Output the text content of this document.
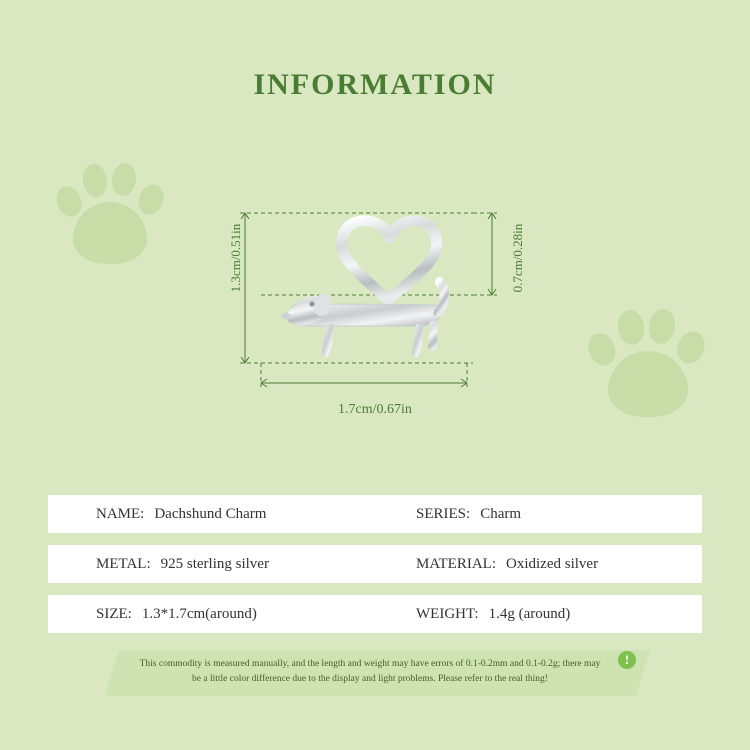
INFORMATION
1.3cm/0.51in	0.7cm/0.28in
1.7cm/0.67in
NAME: Dachshund Charm	SERIES: Charm
METAL: 925 sterling silver	MATERIAL: Oxidized silver
SIZE: 1.3*1.7cm(around)	WEIGHT: 1.4g (around)
This commodity is measured manually, and the length and weight may have errors of 0.1-0.2mm and 0.1-0.2g; there may be a little color difference due to the display and light problems. Please refer to the real thing!
!
